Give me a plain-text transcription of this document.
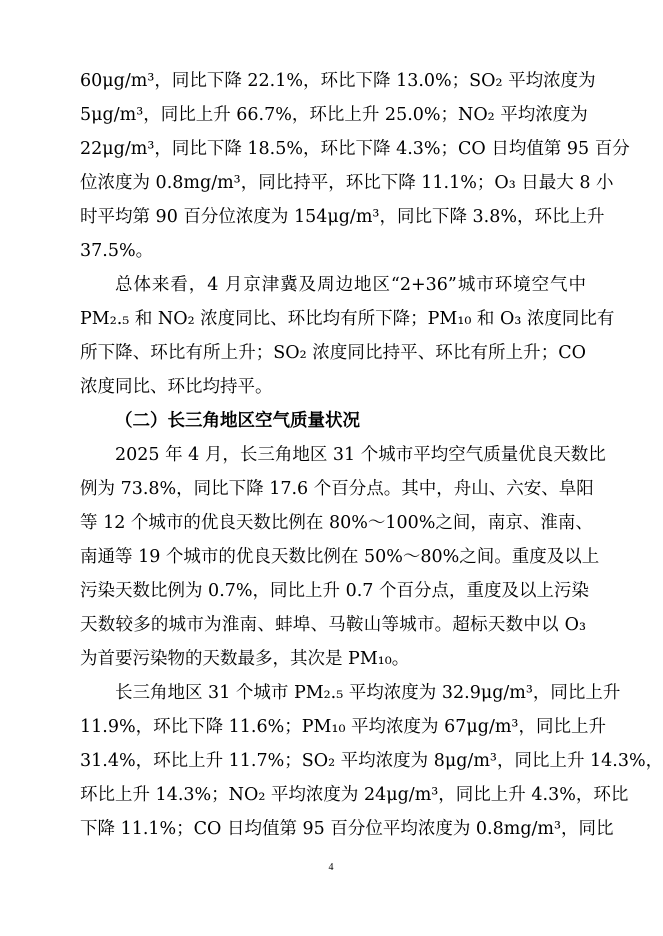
60μg/m³，同比下降 22.1%，环比下降 13.0%；SO₂ 平均浓度为
5μg/m³，同比上升 66.7%，环比上升 25.0%；NO₂ 平均浓度为
22μg/m³，同比下降 18.5%，环比下降 4.3%；CO 日均值第 95 百分
位浓度为 0.8mg/m³，同比持平，环比下降 11.1%；O₃ 日最大 8 小
时平均第 90 百分位浓度为 154μg/m³，同比下降 3.8%，环比上升
37.5%。
总体来看，4 月京津冀及周边地区“2+36”城市环境空气中
PM₂.₅ 和 NO₂ 浓度同比、环比均有所下降；PM₁₀ 和 O₃ 浓度同比有
所下降、环比有所上升；SO₂ 浓度同比持平、环比有所上升；CO
浓度同比、环比均持平。
（二）长三角地区空气质量状况
2025 年 4 月，长三角地区 31 个城市平均空气质量优良天数比
例为 73.8%，同比下降 17.6 个百分点。其中，舟山、六安、阜阳
等 12 个城市的优良天数比例在 80%～100%之间，南京、淮南、
南通等 19 个城市的优良天数比例在 50%～80%之间。重度及以上
污染天数比例为 0.7%，同比上升 0.7 个百分点，重度及以上污染
天数较多的城市为淮南、蚌埠、马鞍山等城市。超标天数中以 O₃
为首要污染物的天数最多，其次是 PM₁₀。
长三角地区 31 个城市 PM₂.₅ 平均浓度为 32.9μg/m³，同比上升
11.9%，环比下降 11.6%；PM₁₀ 平均浓度为 67μg/m³，同比上升
31.4%，环比上升 11.7%；SO₂ 平均浓度为 8μg/m³，同比上升 14.3%，
环比上升 14.3%；NO₂ 平均浓度为 24μg/m³，同比上升 4.3%，环比
下降 11.1%；CO 日均值第 95 百分位平均浓度为 0.8mg/m³，同比
4
